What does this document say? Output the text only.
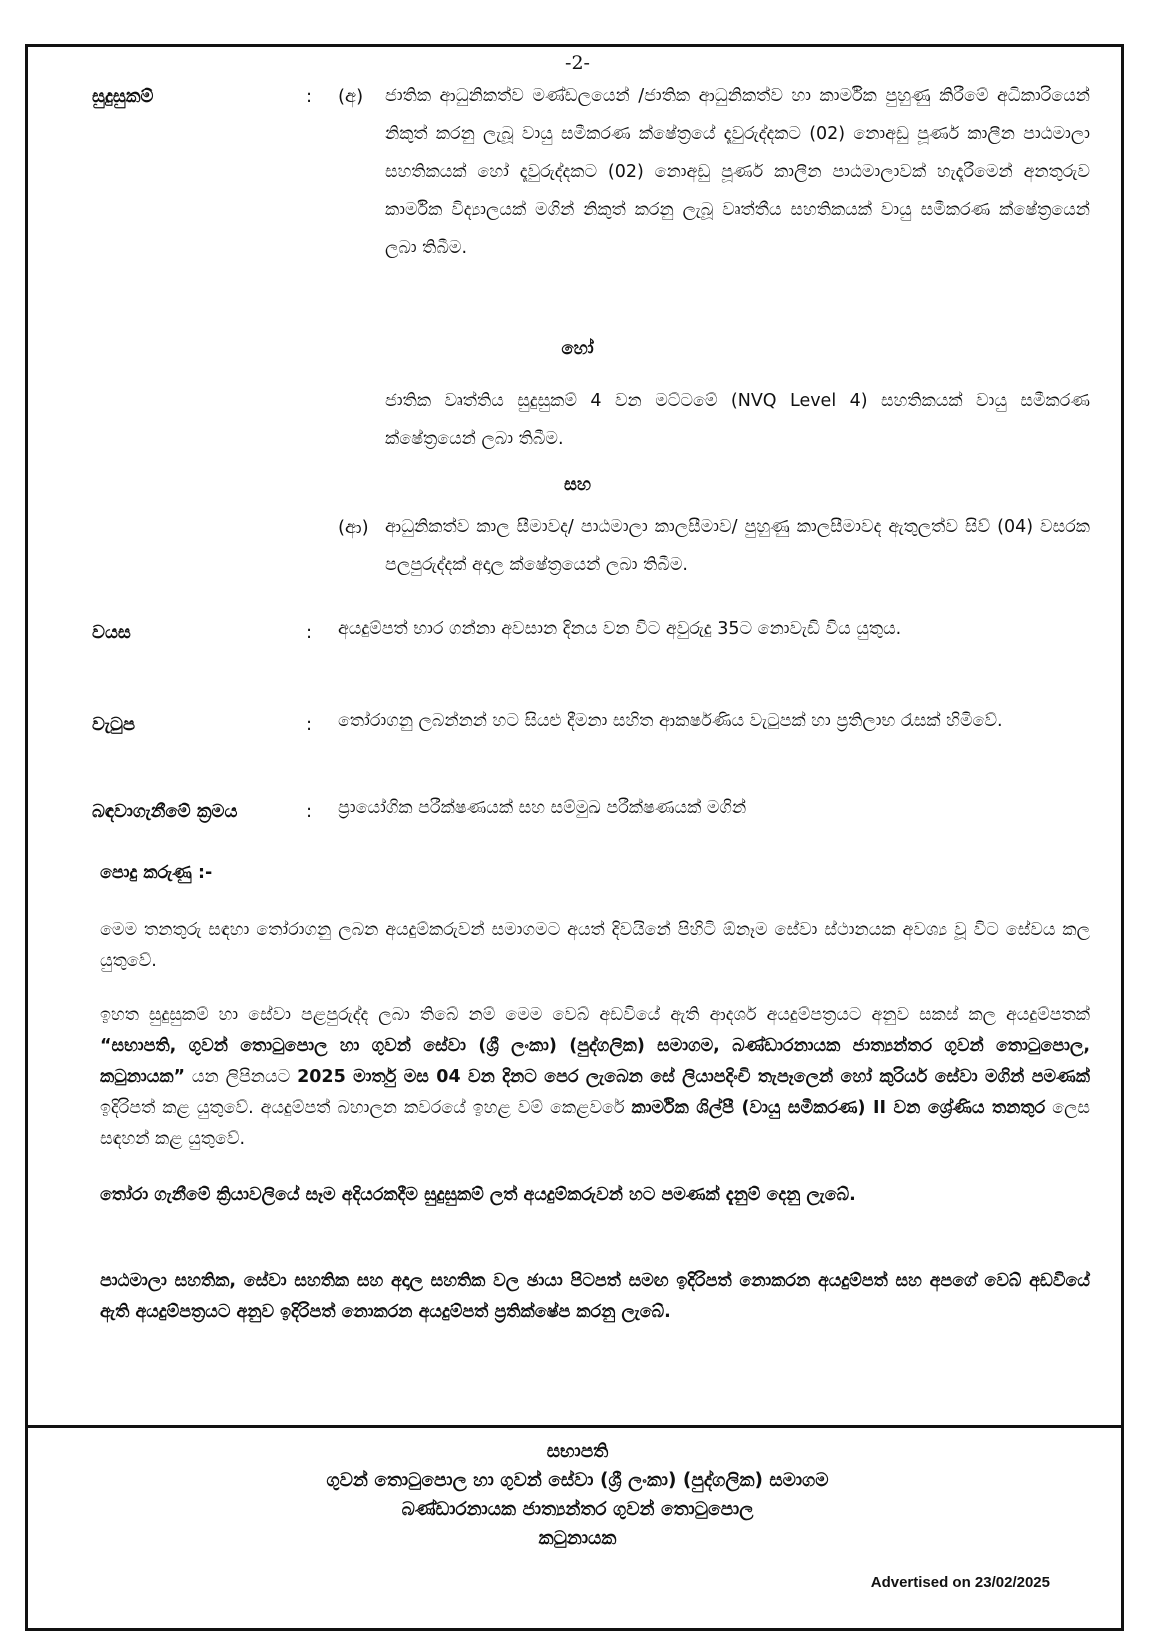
-2-
සුදුසුකම්	: (අ) ජාතික ආධුනිකත්ව මණ්ඩලයෙන් /ජාතික ආධුනිකත්ව හා කාර්මික පුහුණු කිරීමේ අධිකාරියෙන් නිකුත් කරනු ලැබූ වායු සමීකරණ ක්ෂේත්‍රයේ දෑවුරුද්දකට (02) නොඅඩු පූර්ණ කාලීන පාඨමාලා සහතිකයක් හෝ දෑවුරුද්දකට (02) නොඅඩු පූර්ණ කාලීන පාඨමාලාවක් හැදෑරීමෙන් අනතුරුව කාර්මික විද්‍යාලයක් මගින් නිකුත් කරනු ලැබූ වෘත්තීය සහතිකයක් වායු සමීකරණ ක්ෂේත්‍රයෙන් ලබා තිබීම.
හෝ
ජාතික වෘත්තිය සුදුසුකම් 4 වන මට්ටමේ (NVQ Level 4) සහතිකයක් වායු සමීකරණ ක්ෂේත්‍රයෙන් ලබා තිබීම.
සහ
(ආ) ආධුනිකත්ව කාල සීමාවද/ පාඨමාලා කාලසීමාව/ පුහුණු කාලසීමාවද ඇතුලත්ව සිව් (04) වසරක පලපුරුද්දක් අදාල ක්ෂේත්‍රයෙන් ලබා තිබීම.
වයස	: අයදුම්පත් භාර ගන්නා අවසාන දිනය වන විට අවුරුදු 35ට නොවැඩි විය යුතුය.
වැටුප	: තෝරාගනු ලබන්නන් හට සියළු දීමනා සහිත ආකර්ෂණිය වැටුපක් හා ප්‍රතිලාභ රැසක් හිමිවේ.
බඳවාගැනීමේ ක්‍රමය	: ප්‍රායෝගික පරීක්ෂණයක් සහ සම්මුඛ පරීක්ෂණයක් මගින්
පොදු කරුණු :-
මෙම තනතුරු සඳහා තෝරාගනු ලබන අයදුම්කරුවන් සමාගමට අයත් දිවයිනේ පිහිටි ඕනෑම සේවා ස්ථානයක අවශ්‍ය වූ විට සේවය කල යුතුවේ.
ඉහත සුදුසුකම් හා සේවා පළපුරුද්ද ලබා තිබේ නම් මෙම වෙබ් අඩවියේ ඇති ආදර්ශ අයදුම්පත්‍රයට අනුව සකස් කල අයදුම්පතක් “සභාපති, ගුවන් තොටුපොල හා ගුවන් සේවා (ශ්‍රී ලංකා) (පුද්ගලික) සමාගම, බණ්ඩාරනායක ජාත්‍යන්තර ගුවන් තොටුපොල, කටුනායක” යන ලිපිනයට 2025 මාර්තු මස 04 වන දිනට පෙර ලැබෙන සේ ලියාපදිංචි තැපෑලෙන් හෝ කුරියර් සේවා මගින් පමණක් ඉදිරිපත් කළ යුතුවේ. අයදුම්පත් බහාලන කවරයේ ඉහළ වම් කෙළවරේ කාර්මික ශිල්පී (වායු සමීකරණ) II වන ශ්‍රේණිය තනතුර ලෙස සඳහන් කළ යුතුවේ.
තෝරා ගැනීමේ ක්‍රියාවලියේ සෑම අදියරකදීම සුදුසුකම් ලත් අයදුම්කරුවන් හට පමණක් දැනුම් දෙනු ලැබේ.
පාඨමාලා සහතික, සේවා සහතික සහ අදාල සහතික වල ඡායා පිටපත් සමඟ ඉදිරිපත් නොකරන අයදුම්පත් සහ අපගේ වෙබ් අඩවියේ ඇති අයදුම්පත්‍රයට අනුව ඉදිරිපත් නොකරන අයදුම්පත් ප්‍රතික්ෂේප කරනු ලැබේ.
සභාපති
ගුවන් තොටුපොල හා ගුවන් සේවා (ශ්‍රී ලංකා) (පුද්ගලික) සමාගම
බණ්ඩාරනායක ජාත්‍යන්තර ගුවන් තොටුපොල
කටුනායක
Advertised on 23/02/2025
